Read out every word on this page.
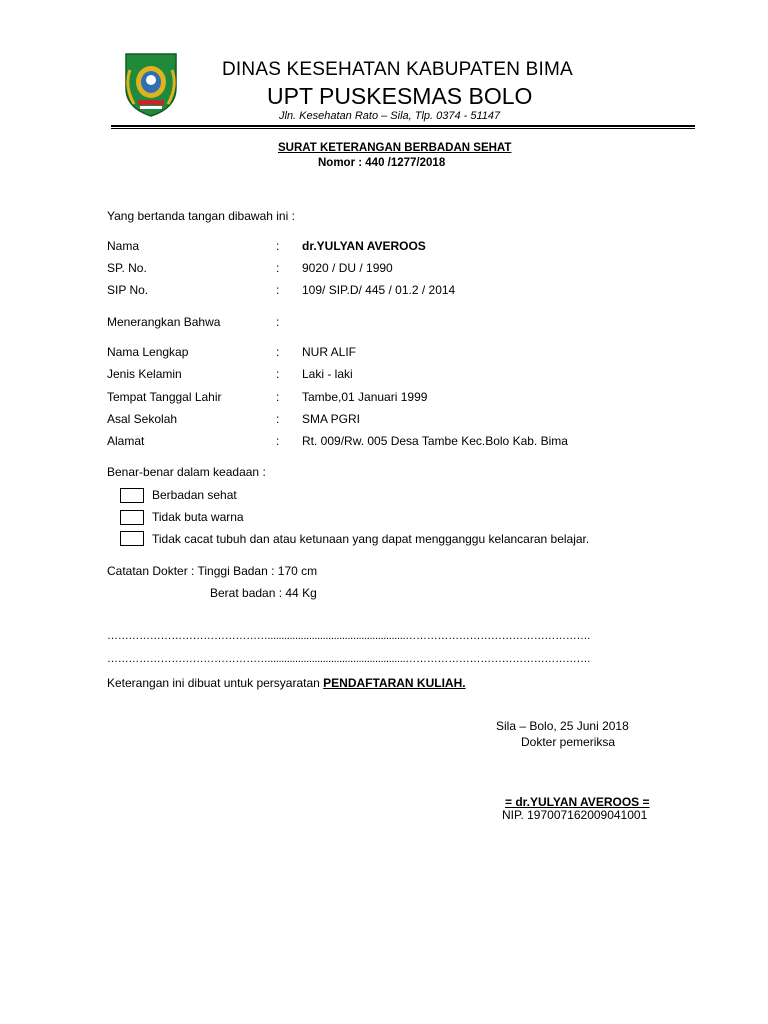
DINAS KESEHATAN KABUPATEN BIMA
UPT PUSKESMAS BOLO
Jln. Kesehatan Rato – Sila, Tlp. 0374 - 51147
SURAT KETERANGAN BERBADAN SEHAT
Nomor : 440 /1277/2018
Yang bertanda tangan dibawah ini :
Nama	: dr.YULYAN AVEROOS
SP. No.	: 9020 / DU / 1990
SIP No.	: 109/ SIP.D/ 445 / 01.2 / 2014
Menerangkan Bahwa	:
Nama Lengkap	: NUR ALIF
Jenis Kelamin	: Laki - laki
Tempat Tanggal Lahir	: Tambe,01 Januari 1999
Asal Sekolah	: SMA PGRI
Alamat	: Rt. 009/Rw. 005 Desa Tambe Kec.Bolo Kab. Bima
Benar-benar dalam keadaan :
Berbadan sehat
Tidak buta warna
Tidak cacat tubuh dan atau ketunaan yang dapat mengganggu kelancaran belajar.
Catatan Dokter : Tinggi Badan : 170 cm
Berat badan : 44 Kg
………………………………………..................................................…………………………………………….
………………………………………..................................................…………………………………………….
Keterangan ini dibuat untuk persyaratan PENDAFTARAN KULIAH.
Sila – Bolo, 25 Juni 2018
Dokter pemeriksa
= dr.YULYAN AVEROOS =
NIP. 197007162009041001
